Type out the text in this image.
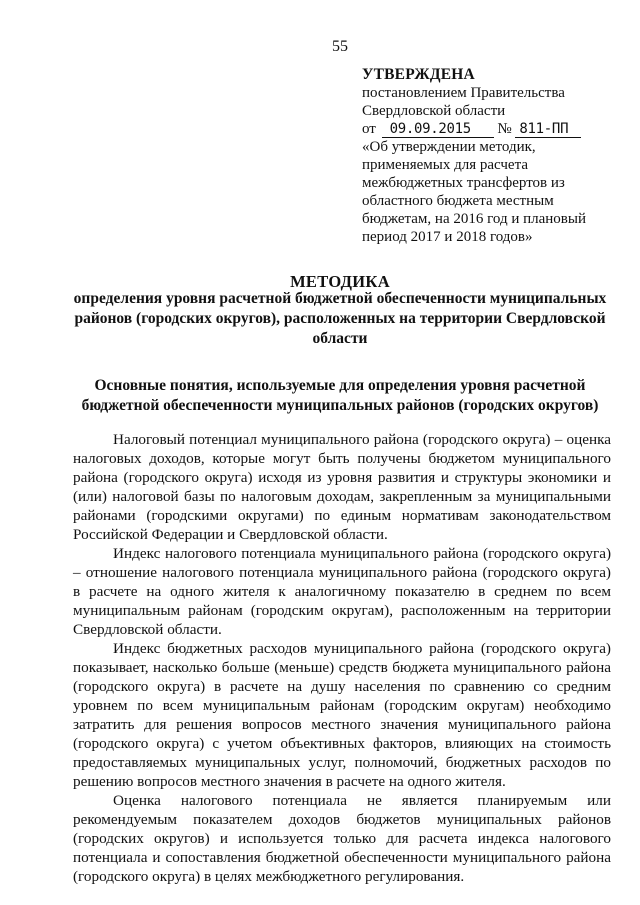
55
УТВЕРЖДЕНА
постановлением Правительства
Свердловской области
от 09.09.2015 № 811-ПП
«Об утверждении методик,
применяемых для расчета
межбюджетных трансфертов из
областного бюджета местным
бюджетам, на 2016 год и плановый
период 2017 и 2018 годов»
МЕТОДИКА
определения уровня расчетной бюджетной обеспеченности муниципальных районов (городских округов), расположенных на территории Свердловской области
Основные понятия, используемые для определения уровня расчетной бюджетной обеспеченности муниципальных районов (городских округов)

Налоговый потенциал муниципального района (городского округа) – оценка налоговых доходов, которые могут быть получены бюджетом муниципального района (городского округа) исходя из уровня развития и структуры экономики и (или) налоговой базы по налоговым доходам, закрепленным за муниципальными районами (городскими округами) по единым нормативам законодательством Российской Федерации и Свердловской области.

Индекс налогового потенциала муниципального района (городского округа) – отношение налогового потенциала муниципального района (городского округа) в расчете на одного жителя к аналогичному показателю в среднем по всем муниципальным районам (городским округам), расположенным на территории Свердловской области.

Индекс бюджетных расходов муниципального района (городского округа) показывает, насколько больше (меньше) средств бюджета муниципального района (городского округа) в расчете на душу населения по сравнению со средним уровнем по всем муниципальным районам (городским округам) необходимо затратить для решения вопросов местного значения муниципального района (городского округа) с учетом объективных факторов, влияющих на стоимость предоставляемых муниципальных услуг, полномочий, бюджетных расходов по решению вопросов местного значения в расчете на одного жителя.

Оценка налогового потенциала не является планируемым или рекомендуемым показателем доходов бюджетов муниципальных районов (городских округов) и используется только для расчета индекса налогового потенциала и сопоставления бюджетной обеспеченности муниципального района (городского округа) в целях межбюджетного регулирования.
